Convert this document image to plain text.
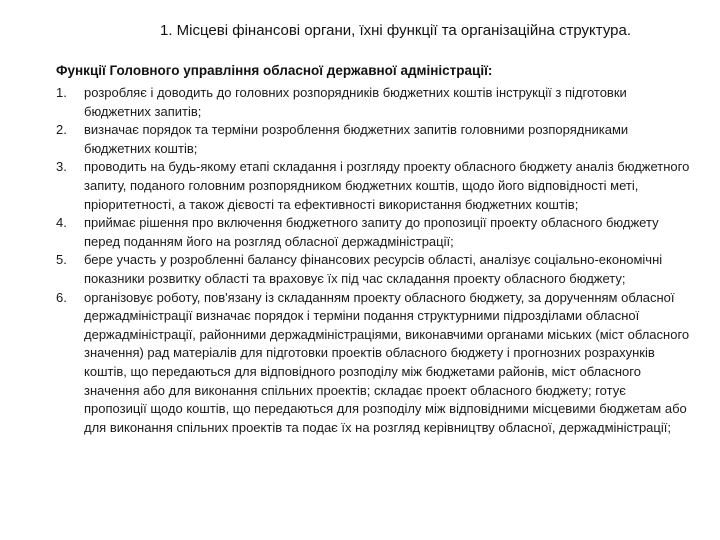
1. Місцеві фінансові органи, їхні функції та організаційна структура.
Функції Головного управління обласної державної адміністрації:
1.	розробляє і доводить до головних розпорядників бюджетних коштів інструкції з підготовки бюджетних запитів;
2.	визначає порядок та терміни розроблення бюджетних запитів головними розпорядниками бюджетних коштів;
3.	проводить на будь-якому етапі складання і розгляду проекту обласного бюджету аналіз бюджетного запиту, поданого головним розпорядником бюджетних коштів, щодо його відповідності меті, пріоритетності, а також дієвості та ефективності використання бюджетних коштів;
4.	приймає рішення про включення бюджетного запиту до пропозиції проекту обласного бюджету перед поданням його на розгляд обласної держадміністрації;
5.	бере участь у розробленні балансу фінансових ресурсів області, аналізує соціально-економічні показники розвитку області та враховує їх під час складання проекту обласного бюджету;
6.	організовує роботу, пов'язану із складанням проекту обласного бюджету, за дорученням обласної держадміністрації визначає порядок і терміни подання структурними підрозділами обласної держадміністрації, районними держадміністраціями, виконавчими органами міських (міст обласного значення) рад матеріалів для підготовки проектів обласного бюджету і прогнозних розрахунків коштів, що передаються для відповідного розподілу між бюджетами районів, міст обласного значення або для виконання спільних проектів; складає проект обласного бюджету; готує пропозиції щодо коштів, що передаються для розподілу між відповідними місцевими бюджетам або для виконання спільних проектів та подає їх на розгляд керівництву обласної, держадміністрації;
